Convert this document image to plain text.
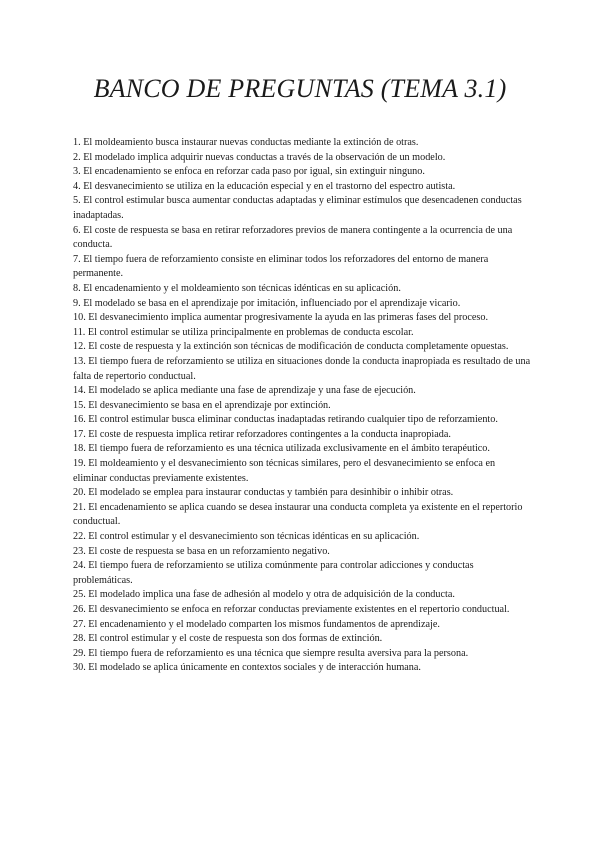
BANCO DE PREGUNTAS (TEMA 3.1)
1. El moldeamiento busca instaurar nuevas conductas mediante la extinción de otras.
2. El modelado implica adquirir nuevas conductas a través de la observación de un modelo.
3. El encadenamiento se enfoca en reforzar cada paso por igual, sin extinguir ninguno.
4. El desvanecimiento se utiliza en la educación especial y en el trastorno del espectro autista.
5. El control estimular busca aumentar conductas adaptadas y eliminar estímulos que desencadenen conductas inadaptadas.
6. El coste de respuesta se basa en retirar reforzadores previos de manera contingente a la ocurrencia de una conducta.
7. El tiempo fuera de reforzamiento consiste en eliminar todos los reforzadores del entorno de manera permanente.
8. El encadenamiento y el moldeamiento son técnicas idénticas en su aplicación.
9. El modelado se basa en el aprendizaje por imitación, influenciado por el aprendizaje vicario.
10. El desvanecimiento implica aumentar progresivamente la ayuda en las primeras fases del proceso.
11. El control estimular se utiliza principalmente en problemas de conducta escolar.
12. El coste de respuesta y la extinción son técnicas de modificación de conducta completamente opuestas.
13. El tiempo fuera de reforzamiento se utiliza en situaciones donde la conducta inapropiada es resultado de una falta de repertorio conductual.
14. El modelado se aplica mediante una fase de aprendizaje y una fase de ejecución.
15. El desvanecimiento se basa en el aprendizaje por extinción.
16. El control estimular busca eliminar conductas inadaptadas retirando cualquier tipo de reforzamiento.
17. El coste de respuesta implica retirar reforzadores contingentes a la conducta inapropiada.
18. El tiempo fuera de reforzamiento es una técnica utilizada exclusivamente en el ámbito terapéutico.
19. El moldeamiento y el desvanecimiento son técnicas similares, pero el desvanecimiento se enfoca en eliminar conductas previamente existentes.
20. El modelado se emplea para instaurar conductas y también para desinhibir o inhibir otras.
21. El encadenamiento se aplica cuando se desea instaurar una conducta completa ya existente en el repertorio conductual.
22. El control estimular y el desvanecimiento son técnicas idénticas en su aplicación.
23. El coste de respuesta se basa en un reforzamiento negativo.
24. El tiempo fuera de reforzamiento se utiliza comúnmente para controlar adicciones y conductas problemáticas.
25. El modelado implica una fase de adhesión al modelo y otra de adquisición de la conducta.
26. El desvanecimiento se enfoca en reforzar conductas previamente existentes en el repertorio conductual.
27. El encadenamiento y el modelado comparten los mismos fundamentos de aprendizaje.
28. El control estimular y el coste de respuesta son dos formas de extinción.
29. El tiempo fuera de reforzamiento es una técnica que siempre resulta aversiva para la persona.
30. El modelado se aplica únicamente en contextos sociales y de interacción humana.
